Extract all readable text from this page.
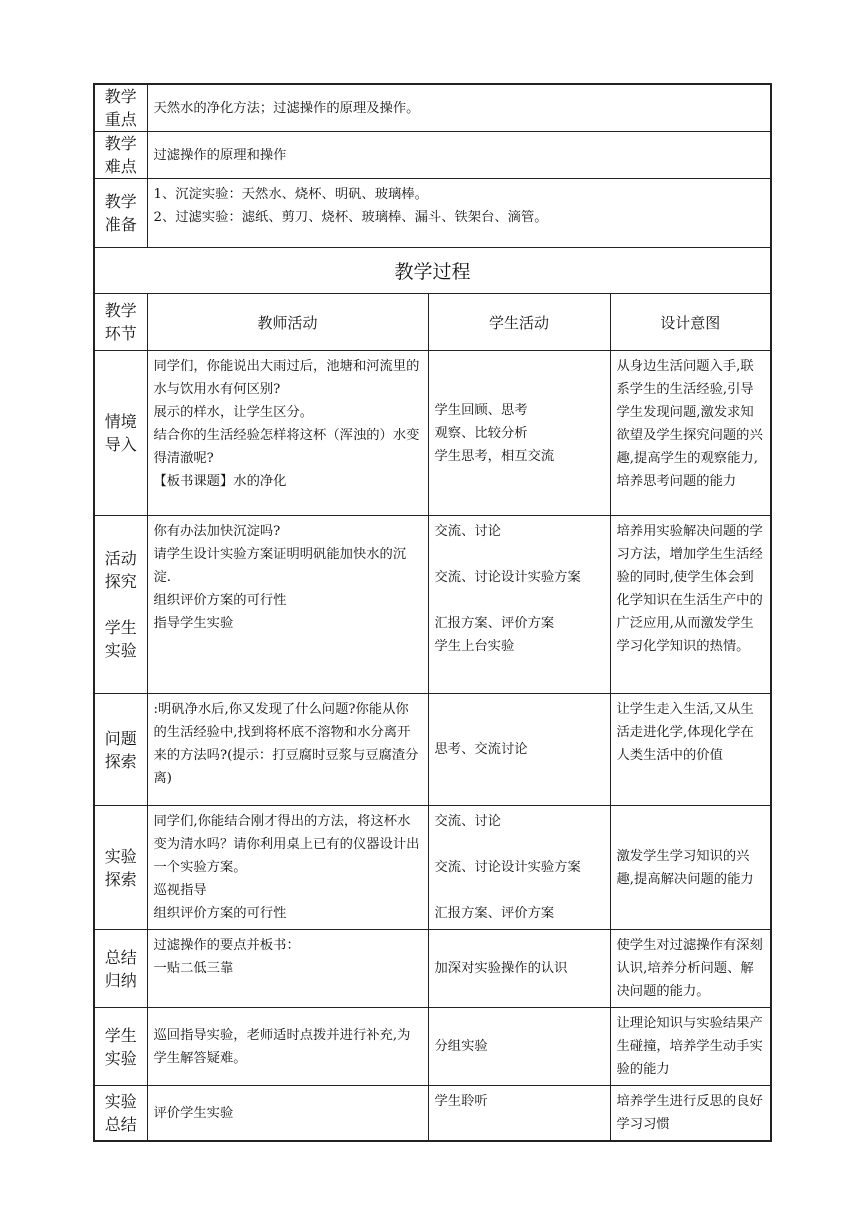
教学
重点	天然水的净化方法；过滤操作的原理及操作。		
教学
难点	过滤操作的原理和操作		
教学
准备	1、沉淀实验：天然水、烧杯、明矾、玻璃棒。
2、过滤实验：滤纸、剪刀、烧杯、玻璃棒、漏斗、铁架台、滴管。		
教学过程			
教学
环节	教师活动	学生活动	设计意图
情境
导入	同学们，你能说出大雨过后，池塘和河流里的水与饮用水有何区别?
展示的样水，让学生区分。
结合你的生活经验怎样将这杯（浑浊的）水变得清澈呢?
【板书课题】水的净化	学生回顾、思考
观察、比较分析
学生思考，相互交流	从身边生活问题入手,联系学生的生活经验,引导学生发现问题,激发求知欲望及学生探究问题的兴趣,提高学生的观察能力,培养思考问题的能力
活动
探究

学生
实验	你有办法加快沉淀吗?
请学生设计实验方案证明明矾能加快水的沉淀.
组织评价方案的可行性
指导学生实验	交流、讨论

交流、讨论设计实验方案

汇报方案、评价方案
学生上台实验	培养用实验解决问题的学习方法，增加学生生活经验的同时,使学生体会到化学知识在生活生产中的广泛应用,从而激发学生学习化学知识的热情。
问题
探索	:明矾净水后,你又发现了什么问题?你能从你的生活经验中,找到将杯底不溶物和水分离开来的方法吗?(提示：打豆腐时豆浆与豆腐渣分离)	思考、交流讨论	让学生走入生活,又从生活走进化学,体现化学在人类生活中的价值
实验
探索	同学们,你能结合刚才得出的方法，将这杯水变为清水吗？请你利用桌上已有的仪器设计出一个实验方案。
巡视指导
组织评价方案的可行性	交流、讨论

交流、讨论设计实验方案

汇报方案、评价方案	激发学生学习知识的兴趣,提高解决问题的能力
总结
归纳	过滤操作的要点并板书：
一贴二低三靠	加深对实验操作的认识	使学生对过滤操作有深刻认识,培养分析问题、解决问题的能力。
学生
实验	巡回指导实验，老师适时点拨并进行补充,为学生解答疑难。	分组实验	让理论知识与实验结果产生碰撞，培养学生动手实验的能力
实验
总结	评价学生实验	学生聆听	培养学生进行反思的良好学习习惯
